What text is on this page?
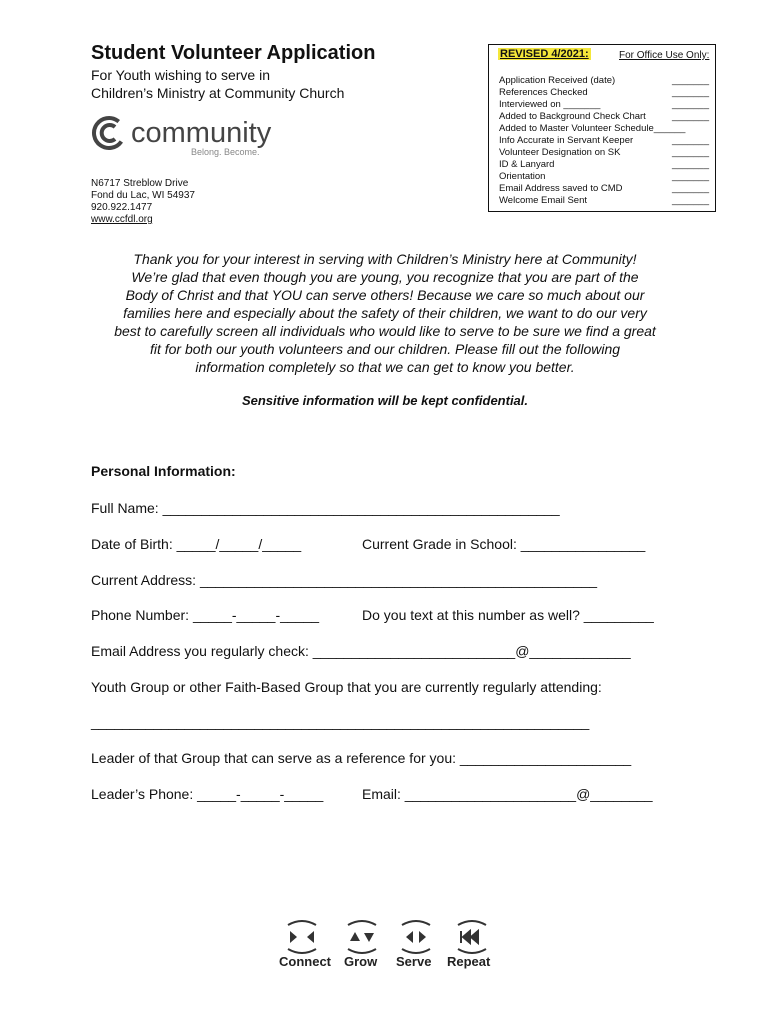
Student Volunteer Application
For Youth wishing to serve in
Children’s Ministry at Community Church
community
Belong. Become.
N6717 Streblow Drive
Fond du Lac, WI 54937
920.922.1477
www.ccfdl.org
REVISED 4/2021:	For Office Use Only:
Application Received (date)	_______
References Checked	_______
Interviewed on _______	_______
Added to Background Check Chart	_______
Added to Master Volunteer Schedule______
Info Accurate in Servant Keeper	_______
Volunteer Designation on SK	_______
ID & Lanyard	_______
Orientation	_______
Email Address saved to CMD	_______
Welcome Email Sent	_______
Thank you for your interest in serving with Children’s Ministry here at Community!
We’re glad that even though you are young, you recognize that you are part of the
Body of Christ and that YOU can serve others! Because we care so much about our
families here and especially about the safety of their children, we want to do our very
best to carefully screen all individuals who would like to serve to be sure we find a great
fit for both our youth volunteers and our children. Please fill out the following
information completely so that we can get to know you better.
Sensitive information will be kept confidential.
Personal Information:
Full Name: ___________________________________________________
Date of Birth: _____/_____/_____	Current Grade in School: ________________
Current Address: ___________________________________________________
Phone Number: _____-_____-_____	Do you text at this number as well? _________
Email Address you regularly check: __________________________@_____________
Youth Group or other Faith-Based Group that you are currently regularly attending:
________________________________________________________________
Leader of that Group that can serve as a reference for you: ______________________
Leader’s Phone: _____-_____-_____	Email: ______________________@________
Connect Grow Serve Repeat
